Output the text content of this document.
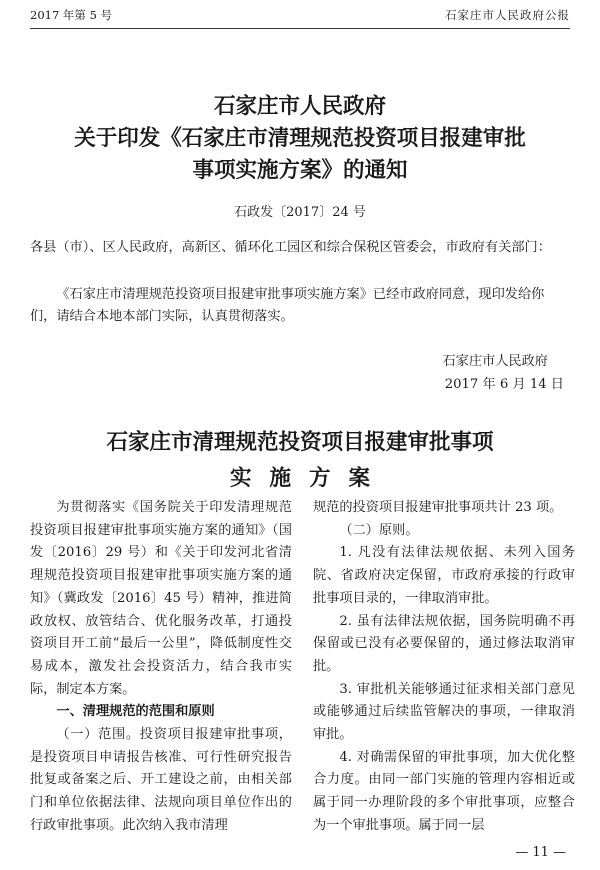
2017 年第 5 号	石家庄市人民政府公报
石家庄市人民政府
关于印发《石家庄市清理规范投资项目报建审批
事项实施方案》的通知
石政发〔2017〕24 号
各县（市）、区人民政府，高新区、循环化工园区和综合保税区管委会，市政府有关部门：
《石家庄市清理规范投资项目报建审批事项实施方案》已经市政府同意，现印发给你们，请结合本地本部门实际，认真贯彻落实。
石家庄市人民政府
2017 年 6 月 14 日
石家庄市清理规范投资项目报建审批事项
实施方案

为贯彻落实《国务院关于印发清理规范投资项目报建审批事项实施方案的通知》（国发〔2016〕29 号）和《关于印发河北省清理规范投资项目报建审批事项实施方案的通知》（冀政发〔2016〕45 号）精神，推进简政放权、放管结合、优化服务改革，打通投资项目开工前“最后一公里”，降低制度性交易成本，激发社会投资活力，结合我市实际，制定本方案。

一、清理规范的范围和原则

（一）范围。投资项目报建审批事项，是投资项目申请报告核准、可行性研究报告批复或备案之后、开工建设之前，由相关部门和单位依据法律、法规向项目单位作出的行政审批事项。此次纳入我市清理

规范的投资项目报建审批事项共计 23 项。

（二）原则。

1. 凡没有法律法规依据、未列入国务院、省政府决定保留，市政府承接的行政审批事项目录的，一律取消审批。

2. 虽有法律法规依据，国务院明确不再保留或已没有必要保留的，通过修法取消审批。

3. 审批机关能够通过征求相关部门意见或能够通过后续监管解决的事项，一律取消审批。

4. 对确需保留的审批事项，加大优化整合力度。由同一部门实施的管理内容相近或属于同一办理阶段的多个审批事项，应整合为一个审批事项。属于同一层

— 11 —
